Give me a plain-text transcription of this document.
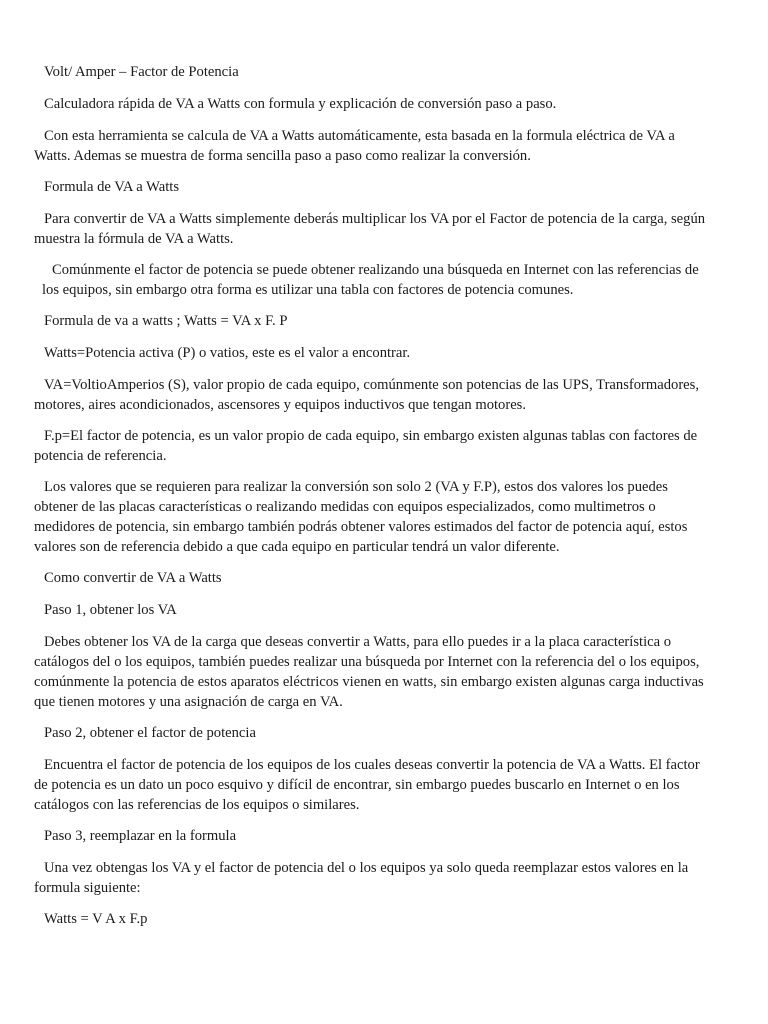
Volt/ Amper – Factor de Potencia

Calculadora rápida de VA a Watts con formula y explicación de conversión paso a paso.

Con esta herramienta se calcula de VA a Watts automáticamente, esta basada en la formula eléctrica de VA a Watts. Ademas se muestra de forma sencilla paso a paso como realizar la conversión.

Formula de VA a Watts

Para convertir de VA a Watts simplemente deberás multiplicar los VA por el Factor de potencia de la carga, según muestra la fórmula de VA a Watts.

Comúnmente el factor de potencia se puede obtener realizando una búsqueda en Internet con las referencias de los equipos, sin embargo otra forma es utilizar una tabla con factores de potencia comunes.

Formula de va a watts ; Watts = VA x F. P

Watts=Potencia activa (P) o vatios, este es el valor a encontrar.

VA=VoltioAmperios (S), valor propio de cada equipo, comúnmente son potencias de las UPS, Transformadores, motores, aires acondicionados, ascensores y equipos inductivos que tengan motores.

F.p=El factor de potencia, es un valor propio de cada equipo, sin embargo existen algunas tablas con factores de potencia de referencia.

Los valores que se requieren para realizar la conversión son solo 2 (VA y F.P), estos dos valores los puedes obtener de las placas características o realizando medidas con equipos especializados, como multimetros o medidores de potencia, sin embargo también podrás obtener valores estimados del factor de potencia aquí, estos valores son de referencia debido a que cada equipo en particular tendrá un valor diferente.

Como convertir de VA a Watts

Paso 1, obtener los VA

Debes obtener los VA de la carga que deseas convertir a Watts, para ello puedes ir a la placa característica o catálogos del o los equipos, también puedes realizar una búsqueda por Internet con la referencia del o los equipos, comúnmente la potencia de estos aparatos eléctricos vienen en watts, sin embargo existen algunas carga inductivas que tienen motores y una asignación de carga en VA.

Paso 2, obtener el factor de potencia

Encuentra el factor de potencia de los equipos de los cuales deseas convertir la potencia de VA a Watts. El factor de potencia es un dato un poco esquivo y difícil de encontrar, sin embargo puedes buscarlo en Internet o en los catálogos con las referencias de los equipos o similares.

Paso 3, reemplazar en la formula

Una vez obtengas los VA y el factor de potencia del o los equipos ya solo queda reemplazar estos valores en la formula siguiente:

Watts = V A x F.p
